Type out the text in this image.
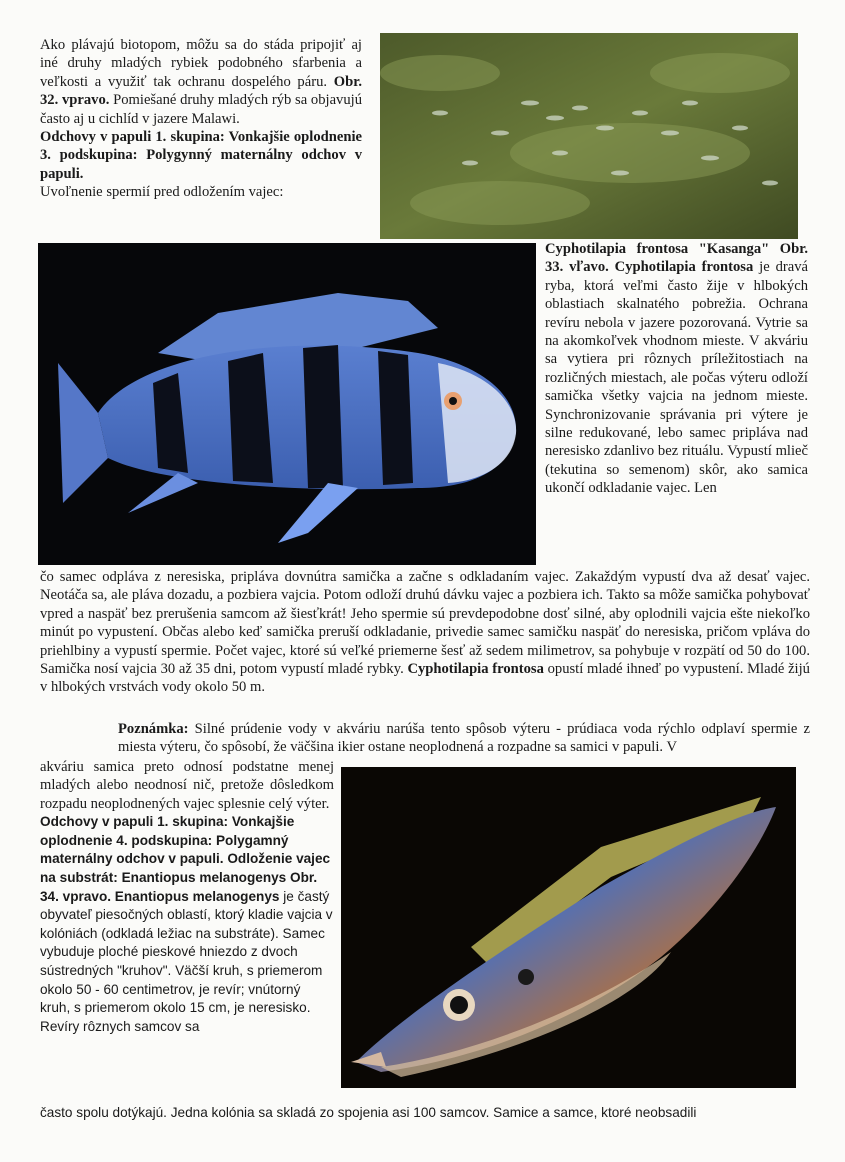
Ako plávajú biotopom, môžu sa do stáda pripojiť aj iné druhy mladých rybiek podobného sfarbenia a veľkosti a využiť tak ochranu dospelého páru. Obr. 32. vpravo. Pomiešané druhy mladých rýb sa objavujú často aj u cichlíd v jazere Malawi.

Odchovy v papuli 1. skupina: Vonkajšie oplodnenie 3. podskupina: Polygynný maternálny odchov v papuli.

Uvoľnenie spermií pred odložením vajec:

Cyphotilapia frontosa "Kasanga" Obr. 33. vľavo. Cyphotilapia frontosa je dravá ryba, ktorá veľmi často žije v hlbokých oblastiach skalnatého pobrežia. Ochrana revíru nebola v jazere pozorovaná. Vytrie sa na akomkoľvek vhodnom mieste. V akváriu sa vytiera pri rôznych príležitostiach na rozličných miestach, ale počas výteru odloží samička všetky vajcia na jednom mieste. Synchronizovanie správania pri výtere je silne redukované, lebo samec pripláva nad neresisko zdanlivo bez rituálu. Vypustí mlieč (tekutina so semenom) skôr, ako samica ukončí odkladanie vajec. Len

čo samec odpláva z neresiska, pripláva dovnútra samička a začne s odkladaním vajec. Zakaždým vypustí dva až desať vajec. Neotáča sa, ale pláva dozadu, a pozbiera vajcia. Potom odloží druhú dávku vajec a pozbiera ich. Takto sa môže samička pohybovať vpred a naspäť bez prerušenia samcom až šiesťkrát! Jeho spermie sú prevdepodobne dosť silné, aby oplodnili vajcia ešte niekoľko minút po vypustení. Občas alebo keď samička preruší odkladanie, privedie samec samičku naspäť do neresiska, pričom vpláva do priehlbiny a vypustí spermie. Počet vajec, ktoré sú veľké priemerne šesť až sedem milimetrov, sa pohybuje v rozpätí od 50 do 100. Samička nosí vajcia 30 až 35 dni, potom vypustí mladé rybky. Cyphotilapia frontosa opustí mladé ihneď po vypustení. Mladé žijú v hlbokých vrstvách vody okolo 50 m.

Poznámka: Silné prúdenie vody v akváriu narúša tento spôsob výteru - prúdiaca voda rýchlo odplaví spermie z miesta výteru, čo spôsobí, že väčšina ikier ostane neoplodnená a rozpadne sa samici v papuli. V

akváriu samica preto odnosí podstatne menej mladých alebo neodnosí nič, pretože dôsledkom rozpadu neoplodnených vajec splesnie celý výter.

Odchovy v papuli 1. skupina: Vonkajšie oplodnenie 4. podskupina: Polygamný maternálny odchov v papuli. Odloženie vajec na substrát: Enantiopus melanogenys Obr. 34. vpravo. Enantiopus melanogenys je častý obyvateľ piesočných oblastí, ktorý kladie vajcia v kolóniách (odkladá ležiac na substráte). Samec vybuduje ploché pieskové hniezdo z dvoch sústredných "kruhov". Väčší kruh, s priemerom okolo 50 - 60 centimetrov, je revír; vnútorný kruh, s priemerom okolo 15 cm, je neresisko. Revíry rôznych samcov sa

často spolu dotýkajú. Jedna kolónia sa skladá zo spojenia asi 100 samcov. Samice a samce, ktoré neobsadili
